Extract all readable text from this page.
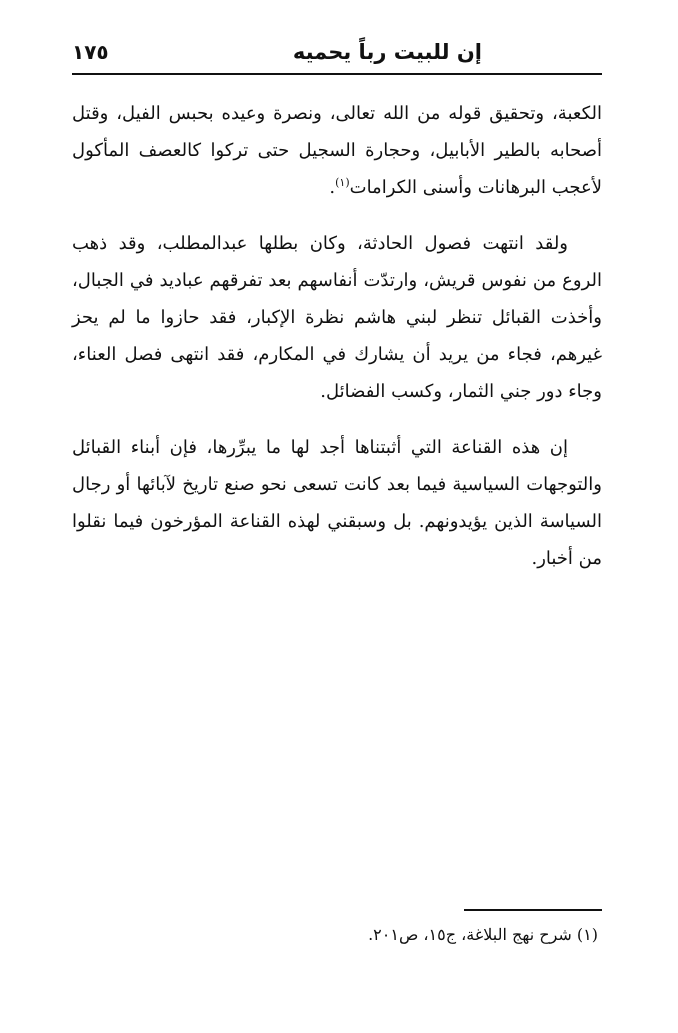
إن للبيت رباً يحميه
١٧٥

الكعبة، وتحقيق قوله من الله تعالى، ونصرة وعيده بحبس الفيل، وقتل أصحابه بالطير الأبابيل، وحجارة السجيل حتى تركوا كالعصف المأكول لأعجب البرهانات وأسنى الكرامات$^{(١)}$.

ولقد انتهت فصول الحادثة، وكان بطلها عبدالمطلب، وقد ذهب الروع من نفوس قريش، وارتدّت أنفاسهم بعد تفرقهم عباديد في الجبال، وأخذت القبائل تنظر لبني هاشم نظرة الإكبار، فقد حازوا ما لم يحز غيرهم، فجاء من يريد أن يشارك في المكارم، فقد انتهى فصل العناء، وجاء دور جني الثمار، وكسب الفضائل.

إن هذه القناعة التي أثبتناها أجد لها ما يبرِّرها، فإن أبناء القبائل والتوجهات السياسية فيما بعد كانت تسعى نحو صنع تاريخ لآبائها أو رجال السياسة الذين يؤيدونهم. بل وسبقني لهذه القناعة المؤرخون فيما نقلوا من أخبار.

(١) شرح نهج البلاغة، ج١٥، ص٢٠١.
